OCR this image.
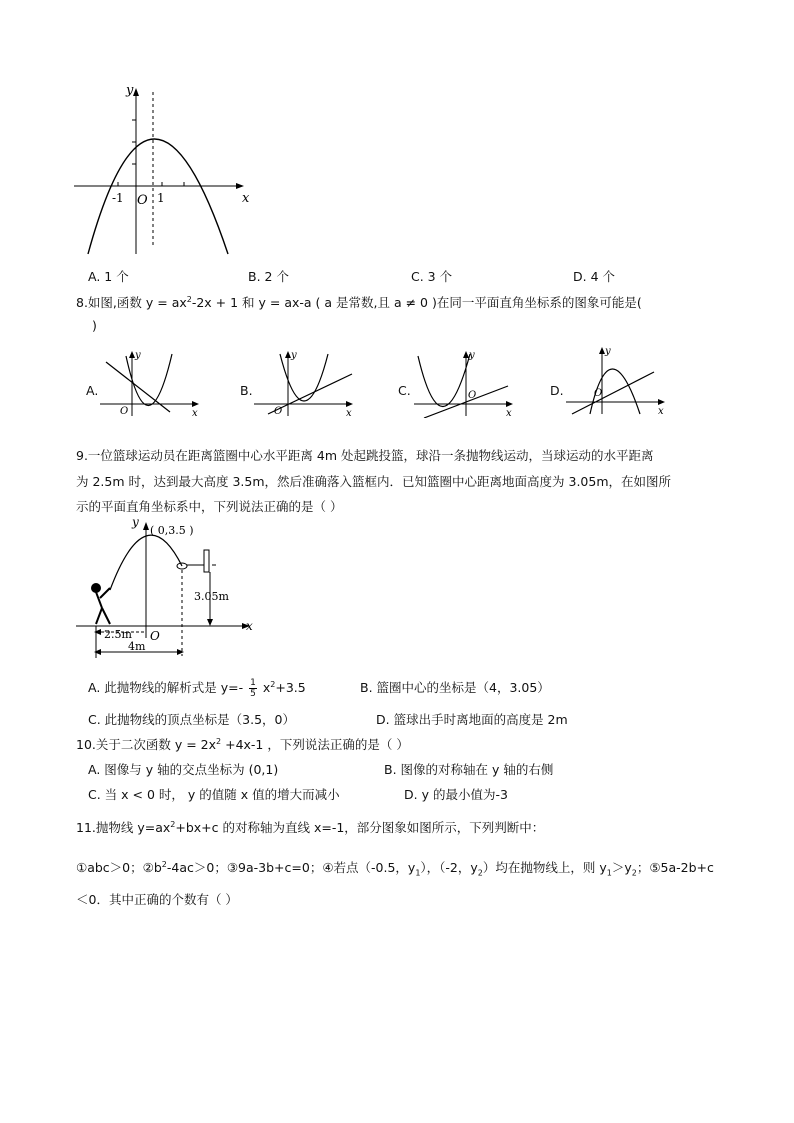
y
x
O
-1	1
A. 1 个	B. 2 个	C. 3 个	D. 4 个
8.如图,函数 $y = ax^2-2x + 1$ 和 y = ax-a ( a 是常数,且 a ≠ 0 )在同一平面直角坐标系的图象可能是(
)
A.
y
x
O
B.
y
x
O
C.
y
x
O	D.
y
x
O
9.一位篮球运动员在距离篮圈中心水平距离 4m 处起跳投篮，球沿一条抛物线运动，当球运动的水平距离
为 2.5m 时，达到最大高度 3.5m，然后准确落入篮框内．已知篮圈中心距离地面高度为 3.05m，在如图所
示的平面直角坐标系中，下列说法正确的是（ ）
y
x
O
( 0,3.5 )
3.05m
2.5m
4m
A. 此抛物线的解析式是 $y=- \frac{1}{5} x^2+3.5$	B. 篮圈中心的坐标是（4，3.05）
C. 此抛物线的顶点坐标是（3.5，0）	D. 篮球出手时离地面的高度是 2m
10.关于二次函数 $y = 2x^2 +4x-1$ ，下列说法正确的是（ ）
A. 图像与 y 轴的交点坐标为 (0,1)	B. 图像的对称轴在 y 轴的右侧
C. 当 x < 0 时， y 的值随 x 值的增大而减小	D. y 的最小值为-3
11.抛物线 $y=ax^2+bx+c$ 的对称轴为直线 x=-1，部分图象如图所示，下列判断中：
①abc＞0；$②b^2-4ac>0$；③9a-3b+c=0；④若点（-0.5，$y_1$），（-2，$y_2$）均在抛物线上，则 $y_1>y_2$；⑤5a-2b+c
＜0．其中正确的个数有（ ）
